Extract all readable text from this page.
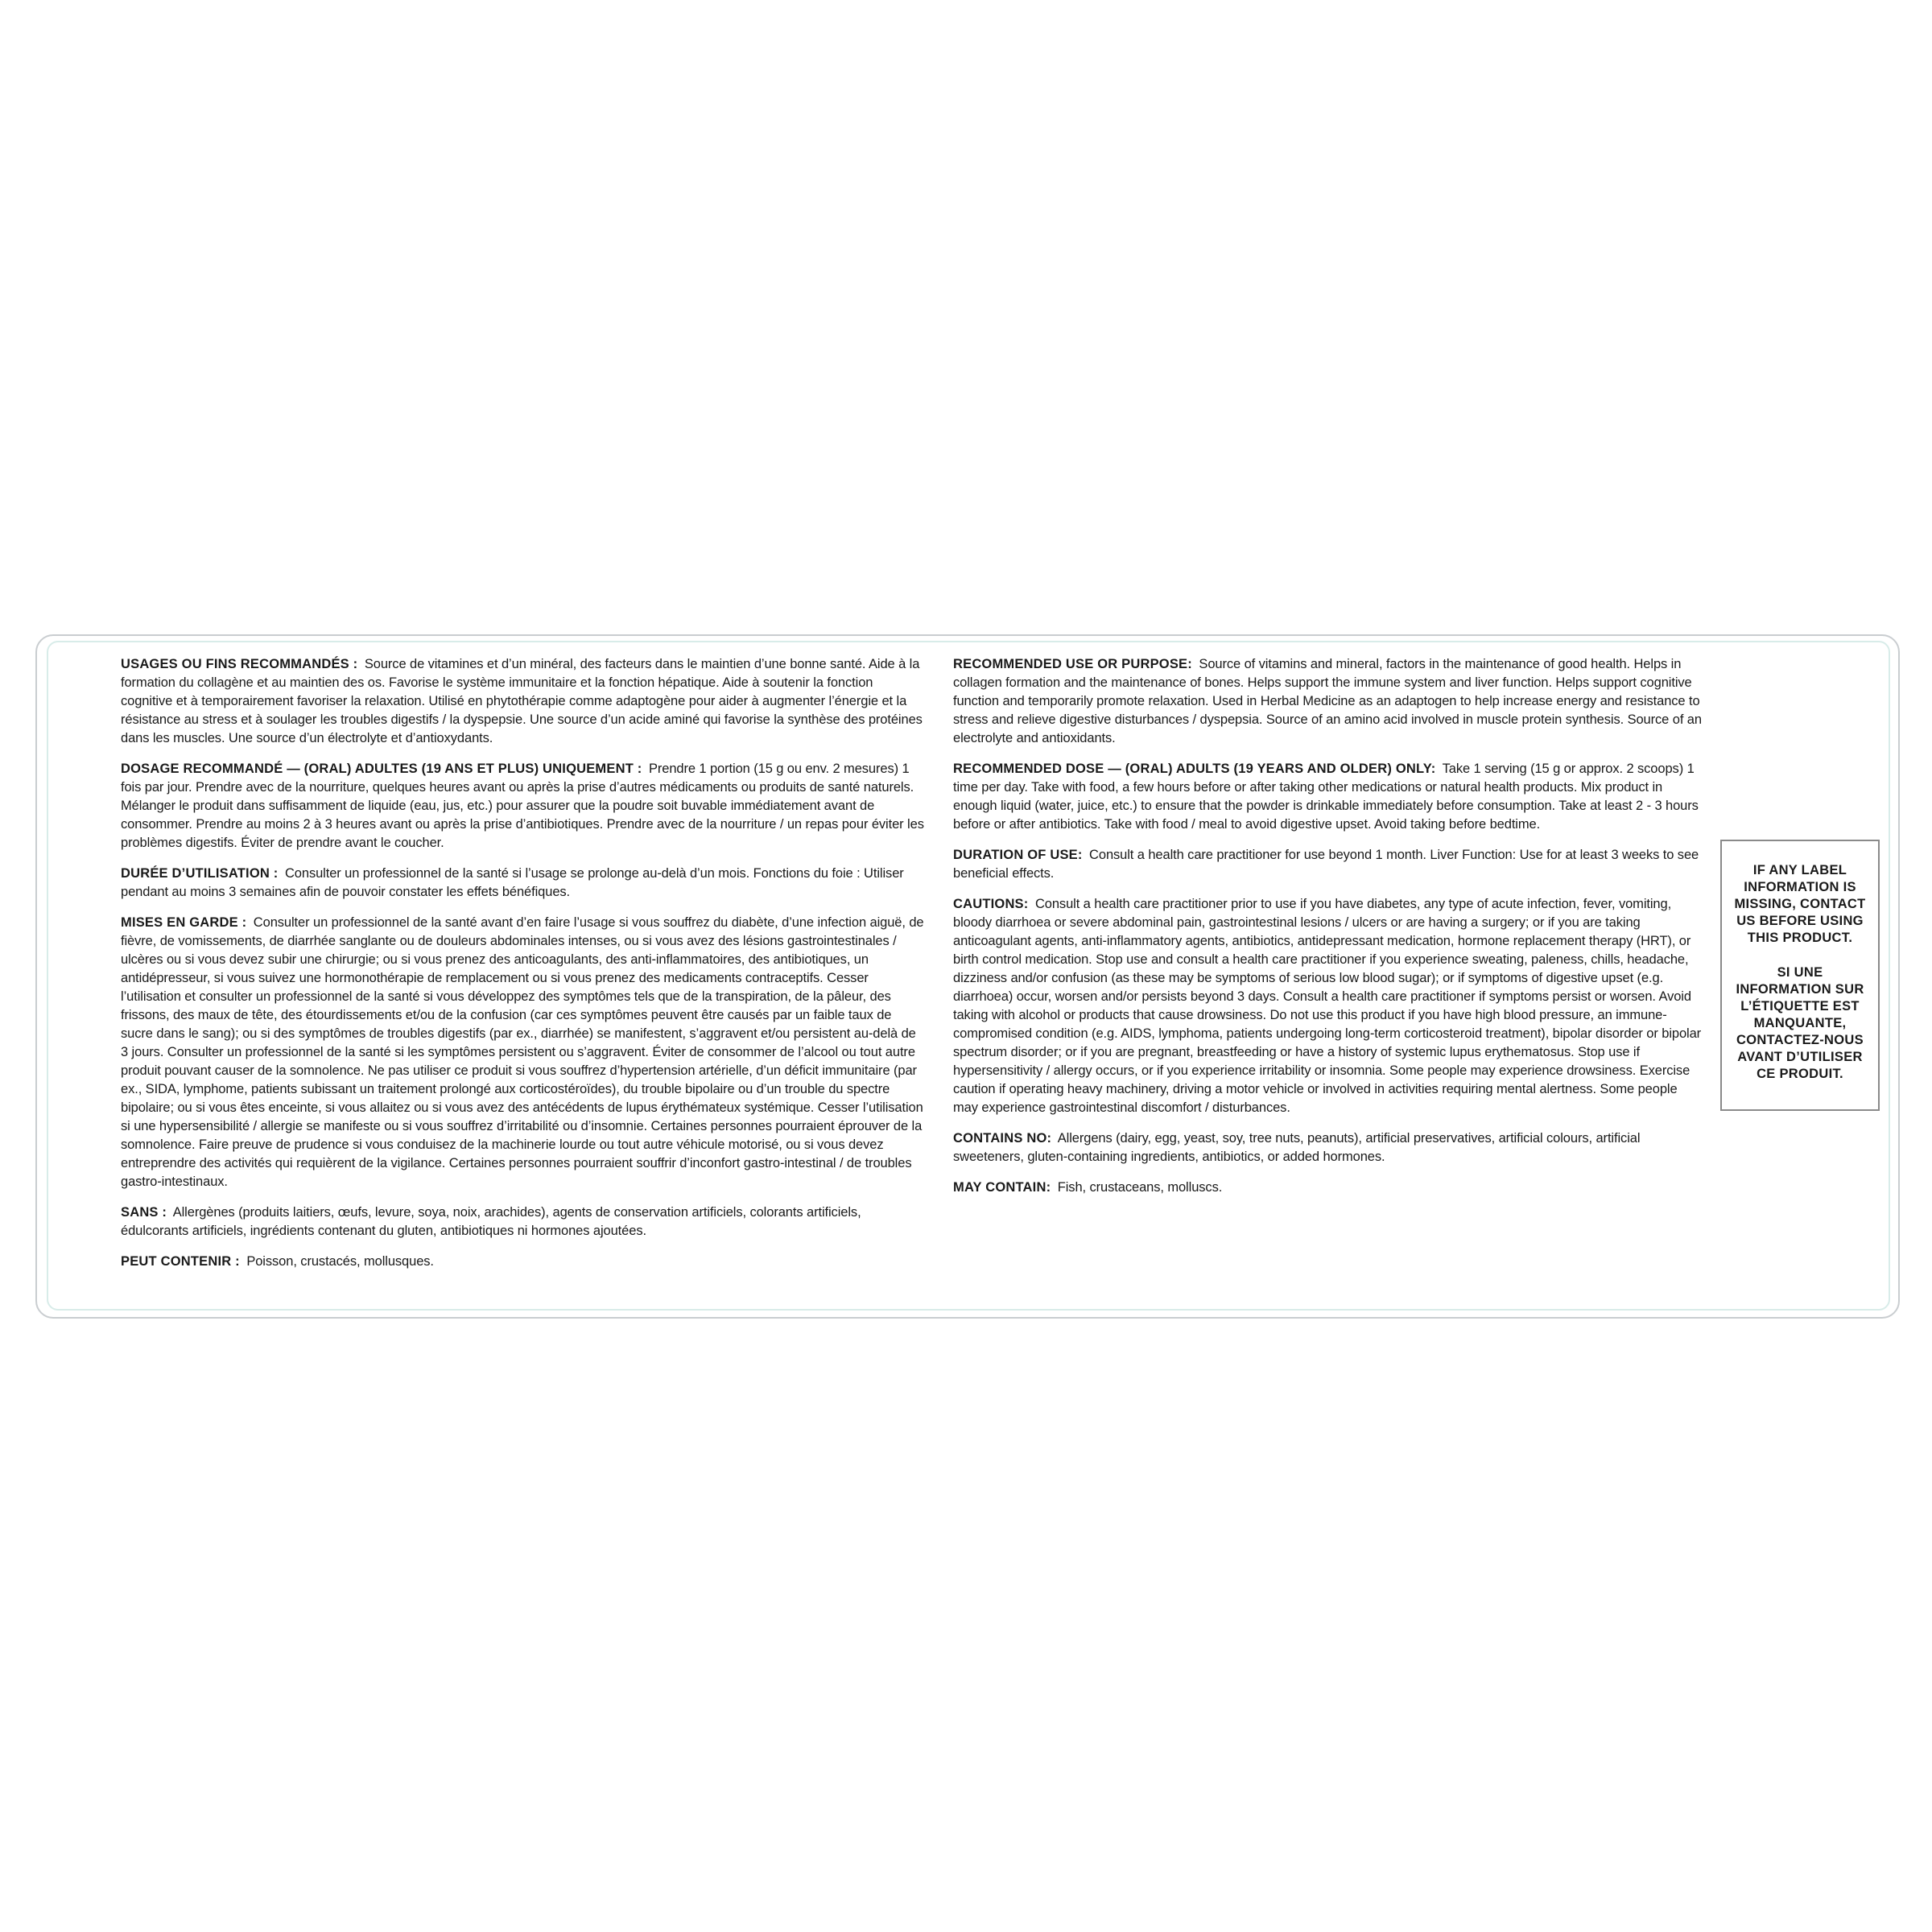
USAGES OU FINS RECOMMANDÉS : Source de vitamines et d’un minéral, des facteurs dans le maintien d’une bonne santé. Aide à la formation du collagène et au maintien des os. Favorise le système immunitaire et la fonction hépatique. Aide à soutenir la fonction cognitive et à temporairement favoriser la relaxation. Utilisé en phytothérapie comme adaptogène pour aider à augmenter l’énergie et la résistance au stress et à soulager les troubles digestifs / la dyspepsie. Une source d’un acide aminé qui favorise la synthèse des protéines dans les muscles. Une source d’un électrolyte et d’antioxydants.

DOSAGE RECOMMANDÉ — (ORAL) ADULTES (19 ANS ET PLUS) UNIQUEMENT : Prendre 1 portion (15 g ou env. 2 mesures) 1 fois par jour. Prendre avec de la nourriture, quelques heures avant ou après la prise d’autres médicaments ou produits de santé naturels. Mélanger le produit dans suffisamment de liquide (eau, jus, etc.) pour assurer que la poudre soit buvable immédiatement avant de consommer. Prendre au moins 2 à 3 heures avant ou après la prise d’antibiotiques. Prendre avec de la nourriture / un repas pour éviter les problèmes digestifs. Éviter de prendre avant le coucher.

DURÉE D’UTILISATION : Consulter un professionnel de la santé si l’usage se prolonge au-delà d’un mois. Fonctions du foie : Utiliser pendant au moins 3 semaines afin de pouvoir constater les effets bénéfiques.

MISES EN GARDE : Consulter un professionnel de la santé avant d’en faire l’usage si vous souffrez du diabète, d’une infection aiguë, de fièvre, de vomissements, de diarrhée sanglante ou de douleurs abdominales intenses, ou si vous avez des lésions gastrointestinales / ulcères ou si vous devez subir une chirurgie; ou si vous prenez des anticoagulants, des anti-inflammatoires, des antibiotiques, un antidépresseur, si vous suivez une hormonothérapie de remplacement ou si vous prenez des medicaments contraceptifs. Cesser l’utilisation et consulter un professionnel de la santé si vous développez des symptômes tels que de la transpiration, de la pâleur, des frissons, des maux de tête, des étourdissements et/ou de la confusion (car ces symptômes peuvent être causés par un faible taux de sucre dans le sang); ou si des symptômes de troubles digestifs (par ex., diarrhée) se manifestent, s’aggravent et/ou persistent au-delà de 3 jours. Consulter un professionnel de la santé si les symptômes persistent ou s’aggravent. Éviter de consommer de l’alcool ou tout autre produit pouvant causer de la somnolence. Ne pas utiliser ce produit si vous souffrez d’hypertension artérielle, d’un déficit immunitaire (par ex., SIDA, lymphome, patients subissant un traitement prolongé aux corticostéroïdes), du trouble bipolaire ou d’un trouble du spectre bipolaire; ou si vous êtes enceinte, si vous allaitez ou si vous avez des antécédents de lupus érythémateux systémique. Cesser l’utilisation si une hypersensibilité / allergie se manifeste ou si vous souffrez d’irritabilité ou d’insomnie. Certaines personnes pourraient éprouver de la somnolence. Faire preuve de prudence si vous conduisez de la machinerie lourde ou tout autre véhicule motorisé, ou si vous devez entreprendre des activités qui requièrent de la vigilance. Certaines personnes pourraient souffrir d’inconfort gastro-intestinal / de troubles gastro-intestinaux.

SANS : Allergènes (produits laitiers, œufs, levure, soya, noix, arachides), agents de conservation artificiels, colorants artificiels, édulcorants artificiels, ingrédients contenant du gluten, antibiotiques ni hormones ajoutées.

PEUT CONTENIR : Poisson, crustacés, mollusques.

RECOMMENDED USE OR PURPOSE: Source of vitamins and mineral, factors in the maintenance of good health. Helps in collagen formation and the maintenance of bones. Helps support the immune system and liver function. Helps support cognitive function and temporarily promote relaxation. Used in Herbal Medicine as an adaptogen to help increase energy and resistance to stress and relieve digestive disturbances / dyspepsia. Source of an amino acid involved in muscle protein synthesis. Source of an electrolyte and antioxidants.

RECOMMENDED DOSE — (ORAL) ADULTS (19 YEARS AND OLDER) ONLY: Take 1 serving (15 g or approx. 2 scoops) 1 time per day. Take with food, a few hours before or after taking other medications or natural health products. Mix product in enough liquid (water, juice, etc.) to ensure that the powder is drinkable immediately before consumption. Take at least 2 - 3 hours before or after antibiotics. Take with food / meal to avoid digestive upset. Avoid taking before bedtime.

DURATION OF USE: Consult a health care practitioner for use beyond 1 month. Liver Function: Use for at least 3 weeks to see beneficial effects.

CAUTIONS: Consult a health care practitioner prior to use if you have diabetes, any type of acute infection, fever, vomiting, bloody diarrhoea or severe abdominal pain, gastrointestinal lesions / ulcers or are having a surgery; or if you are taking anticoagulant agents, anti-inflammatory agents, antibiotics, antidepressant medication, hormone replacement therapy (HRT), or birth control medication. Stop use and consult a health care practitioner if you experience sweating, paleness, chills, headache, dizziness and/or confusion (as these may be symptoms of serious low blood sugar); or if symptoms of digestive upset (e.g. diarrhoea) occur, worsen and/or persists beyond 3 days. Consult a health care practitioner if symptoms persist or worsen. Avoid taking with alcohol or products that cause drowsiness. Do not use this product if you have high blood pressure, an immune-compromised condition (e.g. AIDS, lymphoma, patients undergoing long-term corticosteroid treatment), bipolar disorder or bipolar spectrum disorder; or if you are pregnant, breastfeeding or have a history of systemic lupus erythematosus. Stop use if hypersensitivity / allergy occurs, or if you experience irritability or insomnia. Some people may experience drowsiness. Exercise caution if operating heavy machinery, driving a motor vehicle or involved in activities requiring mental alertness. Some people may experience gastrointestinal discomfort / disturbances.

CONTAINS NO: Allergens (dairy, egg, yeast, soy, tree nuts, peanuts), artificial preservatives, artificial colours, artificial sweeteners, gluten-containing ingredients, antibiotics, or added hormones.

MAY CONTAIN: Fish, crustaceans, molluscs.

IF ANY LABEL INFORMATION IS MISSING, CONTACT US BEFORE USING THIS PRODUCT.
SI UNE INFORMATION SUR L’ÉTIQUETTE EST MANQUANTE, CONTACTEZ-NOUS AVANT D’UTILISER CE PRODUIT.
